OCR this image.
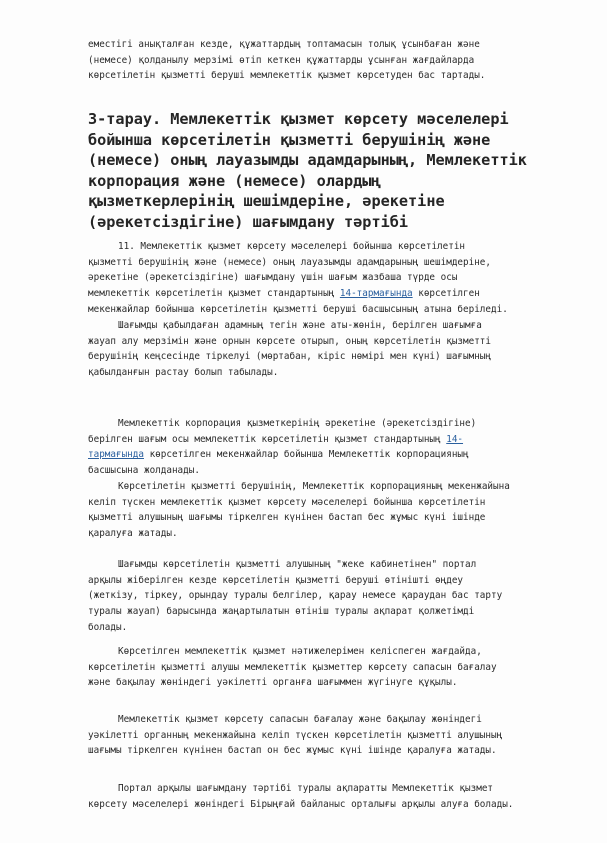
еместігі анықталған кезде, құжаттардың топтамасын толық ұсынбаған және
(немесе) қолданылу мерзімі өтіп кеткен құжаттарды ұсынған жағдайларда
көрсетілетін қызметті беруші мемлекеттік қызмет көрсетуден бас тартады.

3-тарау. Мемлекеттік қызмет көрсету мәселелері
бойынша көрсетілетін қызметті берушінің және
(немесе) оның лауазымды адамдарының, Мемлекеттік
корпорация және (немесе) олардың
қызметкерлерінің шешімдеріне, әрекетіне
(әрекетсіздігіне) шағымдану тәртібі

11. Мемлекеттік қызмет көрсету мәселелері бойынша көрсетілетін
қызметті берушінің және (немесе) оның лауазымды адамдарының шешімдеріне,
әрекетіне (әрекетсіздігіне) шағымдану үшін шағым жазбаша түрде осы
мемлекеттік көрсетілетін қызмет стандартының 14-тармағында көрсетілген
мекенжайлар бойынша көрсетілетін қызметті беруші басшысының атына беріледі.

Шағымды қабылдаған адамның тегін және аты-жөнін, берілген шағымға
жауап алу мерзімін және орнын көрсете отырып, оның көрсетілетін қызметті
берушінің кеңсесінде тіркелуі (мөртабан, кіріс нөмірі мен күні) шағымның
қабылданғын растау болып табылады.

Мемлекеттік корпорация қызметкерінің әрекетіне (әрекетсіздігіне)
берілген шағым осы мемлекеттік көрсетілетін қызмет стандартының 14-
тармағында көрсетілген мекенжайлар бойынша Мемлекеттік корпорацияның
басшысына жолданады.

Көрсетілетін қызметті берушінің, Мемлекеттік корпорацияның мекенжайына
келіп түскен мемлекеттік қызмет көрсету мәселелері бойынша көрсетілетін
қызметті алушының шағымы тіркелген күнінен бастап бес жұмыс күні ішінде
қаралуға жатады.

Шағымды көрсетілетін қызметті алушының "жеке кабинетінен" портал
арқылы жіберілген кезде көрсетілетін қызметті беруші өтінішті өңдеу
(жеткізу, тіркеу, орындау туралы белгілер, қарау немесе қараудан бас тарту
туралы жауап) барысында жаңартылатын өтініш туралы ақпарат қолжетімді
болады.

Көрсетілген мемлекеттік қызмет нәтижелерімен келіспеген жағдайда,
көрсетілетін қызметті алушы мемлекеттік қызметтер көрсету сапасын бағалау
және бақылау жөніндегі уәкілетті органға шағыммен жүгінуге құқылы.

Мемлекеттік қызмет көрсету сапасын бағалау және бақылау жөніндегі
уәкілетті органның мекенжайына келіп түскен көрсетілетін қызметті алушының
шағымы тіркелген күнінен бастап он бес жұмыс күні ішінде қаралуға жатады.

Портал арқылы шағымдану тәртібі туралы ақпаратты Мемлекеттік қызмет
көрсету мәселелері жөніндегі Бірыңғай байланыс орталығы арқылы алуға болады.
